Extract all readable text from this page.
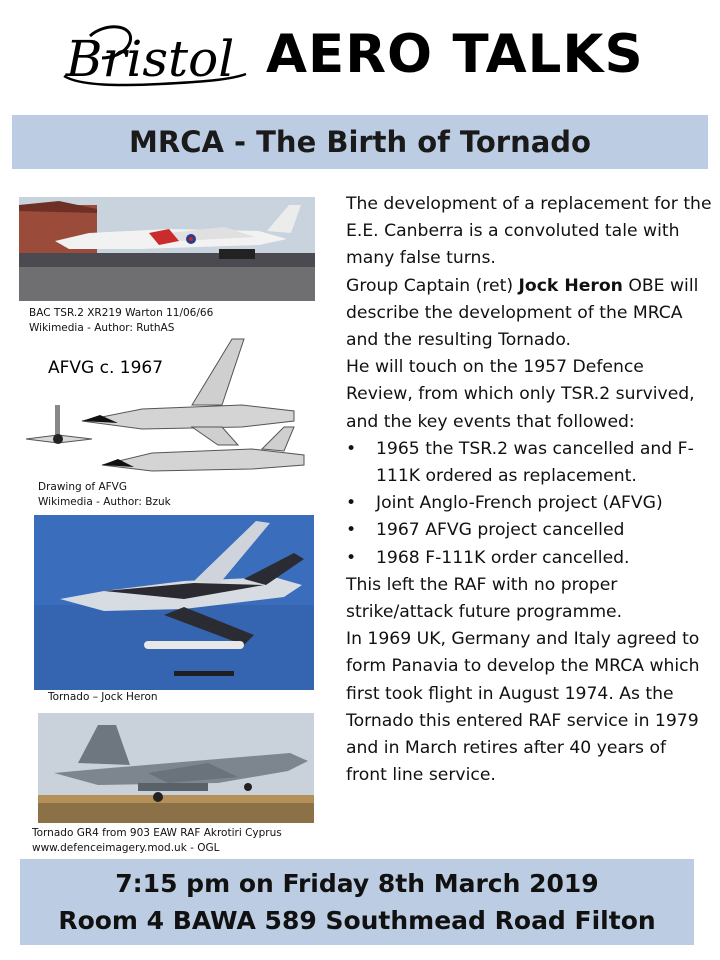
Bristol AERO TALKS
MRCA - The Birth of Tornado
BAC TSR.2 XR219 Warton 11/06/66
Wikimedia - Author: RuthAS
AFVG c. 1967
Drawing of AFVG
Wikimedia - Author: Bzuk
Tornado – Jock Heron
Tornado GR4 from 903 EAW RAF Akrotiri Cyprus
www.defenceimagery.mod.uk - OGL

The development of a replacement for the E.E. Canberra is a convoluted tale with many false turns.

Group Captain (ret) Jock Heron OBE will describe the development of the MRCA and the resulting Tornado.

He will touch on the 1957 Defence Review, from which only TSR.2 survived, and the key events that followed:

• 1965 the TSR.2 was cancelled and F-111K ordered as replacement.
• Joint Anglo-French project (AFVG)
• 1967 AFVG project cancelled
• 1968 F-111K order cancelled.

This left the RAF with no proper strike/attack future programme.

In 1969 UK, Germany and Italy agreed to form Panavia to develop the MRCA which first took flight in August 1974. As the Tornado this entered RAF service in 1979 and in March retires after 40 years of front line service.

7:15 pm on Friday 8th March 2019
Room 4 BAWA 589 Southmead Road Filton
